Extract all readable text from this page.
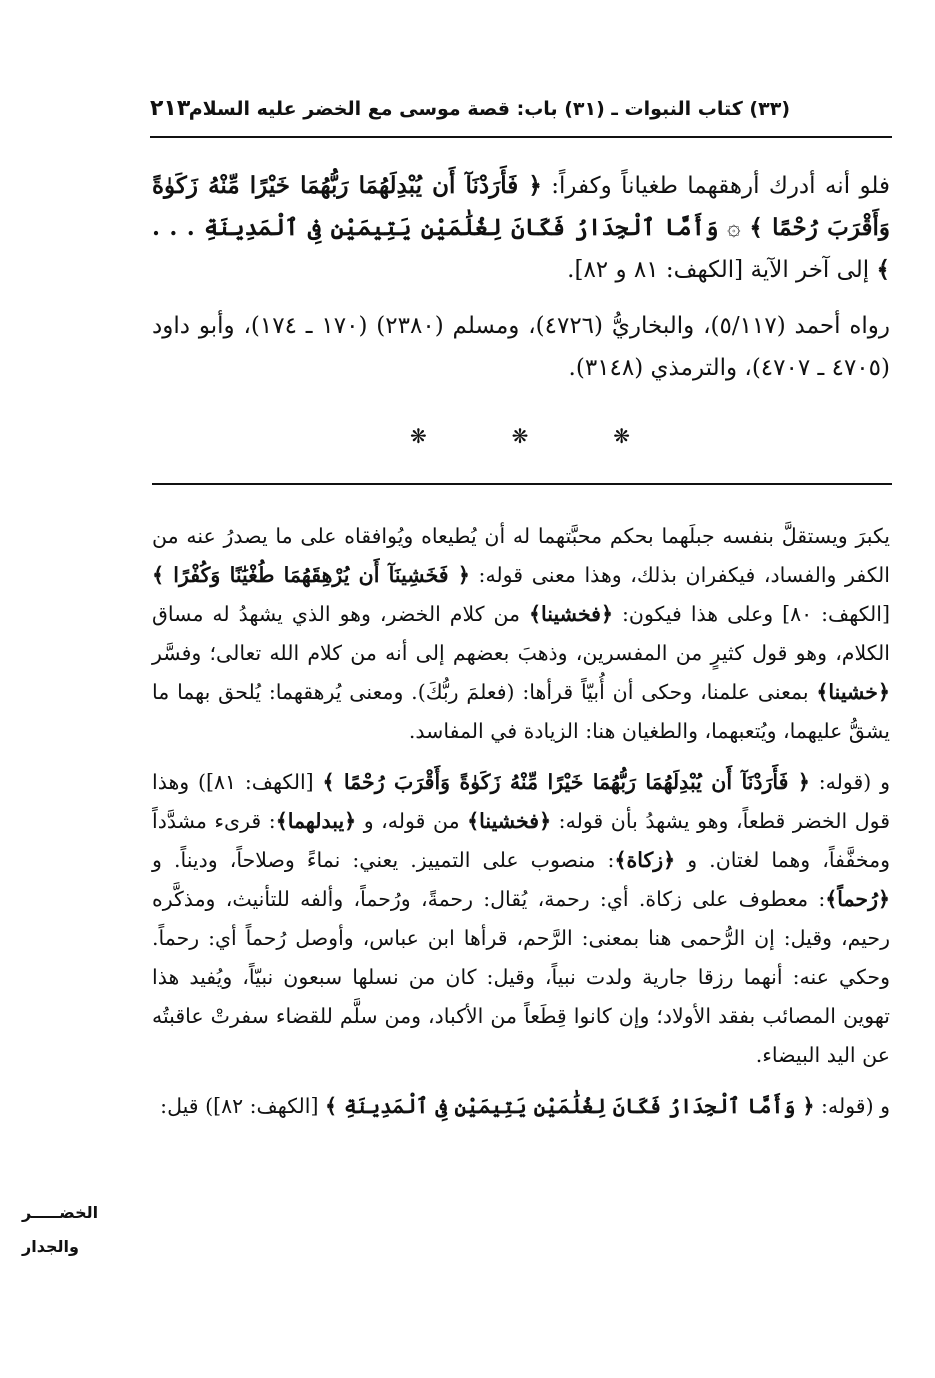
(٣٣) كتاب النبوات ـ (٣١) باب: قصة موسى مع الخضر عليه السلام
٢١٣

فلو أنه أدرك أرهقهما طغياناً وكفراً: ﴿ فَأَرَدْنَآ أَن يُبْدِلَهُمَا رَبُّهُمَا خَيْرًا مِّنْهُ زَكَوٰةً وَأَقْرَبَ رُحْمًا ﴾ ۞ وَأَمَّا ٱلْجِدَارُ فَكَانَ لِغُلَٰمَيْنِ يَتِيمَيْنِ فِى ٱلْمَدِينَةِ . . . ﴾ إلى آخر الآية [الكهف: ٨١ و ٨٢].

رواه أحمد (٥/١١٧)، والبخاريُّ (٤٧٢٦)، ومسلم (٢٣٨٠) (١٧٠ ـ ١٧٤)، وأبو داود (٤٧٠٥ ـ ٤٧٠٧)، والترمذي (٣١٤٨).

❋
❋
❋

يكبرَ ويستقلَّ بنفسه جبلَهما بحكم محبَّتهما له أن يُطيعاه ويُوافقاه على ما يصدرُ عنه من الكفر والفساد، فيكفران بذلك، وهذا معنى قوله: ﴿ فَخَشِينَآ أَن يُرْهِقَهُمَا طُغْيَٰنًا وَكُفْرًا ﴾ [الكهف: ٨٠] وعلى هذا فيكون: ﴿فخشينا﴾ من كلام الخضر، وهو الذي يشهدُ له مساق الكلام، وهو قول كثيرٍ من المفسرين، وذهبَ بعضهم إلى أنه من كلام الله تعالى؛ وفسَّر ﴿خشينا﴾ بمعنى علمنا، وحكى أن أُبيّاً قرأها: (فعلمَ ربُّكَ). ومعنى يُرهقهما: يُلحق بهما ما يشقُّ عليهما، ويُتعبهما، والطغيان هنا: الزيادة في المفاسد.

و (قوله: ﴿ فَأَرَدْنَآ أَن يُبْدِلَهُمَا رَبُّهُمَا خَيْرًا مِّنْهُ زَكَوٰةً وَأَقْرَبَ رُحْمًا ﴾ [الكهف: ٨١]) وهذا قول الخضر قطعاً، وهو يشهدُ بأن قوله: ﴿فخشينا﴾ من قوله، و ﴿يبدلهما﴾: قرىء مشدَّداً ومخفَّفاً، وهما لغتان. و ﴿زكاة﴾: منصوب على التمييز. يعني: نماءً وصلاحاً، وديناً. و ﴿رُحماً﴾: معطوف على زكاة. أي: رحمة، يُقال: رحمةً، ورُحماً، وألفه للتأنيث، ومذكَّره رحيم، وقيل: إن الرُّحمى هنا بمعنى: الرَّحم، قرأها ابن عباس، وأوصل رُحماً أي: رحماً. وحكي عنه: أنهما رزقا جارية ولدت نبياً، وقيل: كان من نسلها سبعون نبيّاً، ويُفيد هذا تهوين المصائب بفقد الأولاد؛ وإن كانوا قِطَعاً من الأكباد، ومن سلَّم للقضاء سفرتْ عاقبتُه عن اليد البيضاء.

و (قوله: ﴿ وَأَمَّا ٱلْجِدَارُ فَكَانَ لِغُلَٰمَيْنِ يَتِيمَيْنِ فِى ٱلْمَدِينَةِ ﴾ [الكهف: ٨٢]) قيل:

الخضـــــر
والجدار
